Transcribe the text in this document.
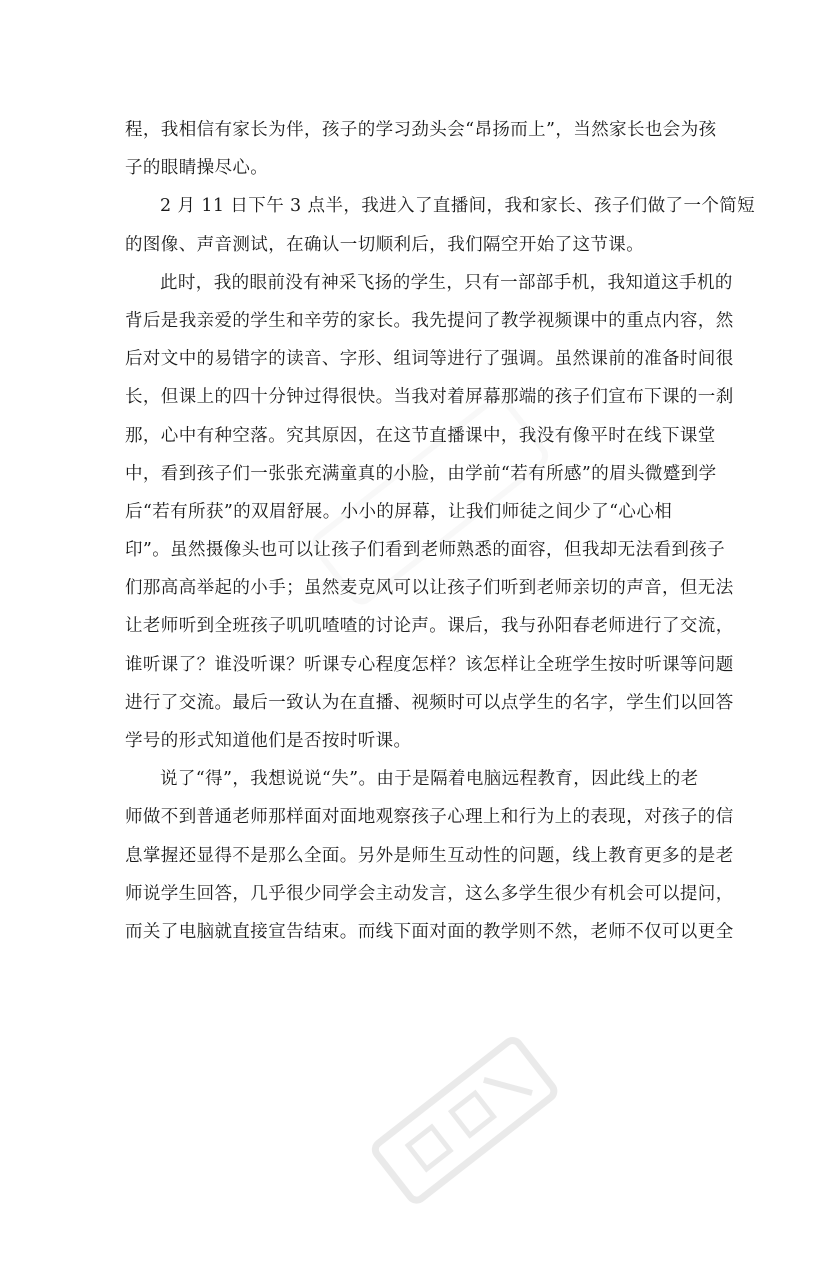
程，我相信有家长为伴，孩子的学习劲头会“昂扬而上”，当然家长也会为孩
子的眼睛操尽心。
2 月 11 日下午 3 点半，我进入了直播间，我和家长、孩子们做了一个简短
的图像、声音测试，在确认一切顺利后，我们隔空开始了这节课。
此时，我的眼前没有神采飞扬的学生，只有一部部手机，我知道这手机的
背后是我亲爱的学生和辛劳的家长。我先提问了教学视频课中的重点内容，然
后对文中的易错字的读音、字形、组词等进行了强调。虽然课前的准备时间很
长，但课上的四十分钟过得很快。当我对着屏幕那端的孩子们宣布下课的一刹
那，心中有种空落。究其原因，在这节直播课中，我没有像平时在线下课堂
中，看到孩子们一张张充满童真的小脸，由学前“若有所感”的眉头微蹙到学
后“若有所获”的双眉舒展。小小的屏幕，让我们师徒之间少了“心心相
印”。虽然摄像头也可以让孩子们看到老师熟悉的面容，但我却无法看到孩子
们那高高举起的小手；虽然麦克风可以让孩子们听到老师亲切的声音，但无法
让老师听到全班孩子叽叽喳喳的讨论声。课后，我与孙阳春老师进行了交流，
谁听课了？谁没听课？听课专心程度怎样？该怎样让全班学生按时听课等问题
进行了交流。最后一致认为在直播、视频时可以点学生的名字，学生们以回答
学号的形式知道他们是否按时听课。
说了“得”，我想说说“失”。由于是隔着电脑远程教育，因此线上的老
师做不到普通老师那样面对面地观察孩子心理上和行为上的表现，对孩子的信
息掌握还显得不是那么全面。另外是师生互动性的问题，线上教育更多的是老
师说学生回答，几乎很少同学会主动发言，这么多学生很少有机会可以提问，
而关了电脑就直接宣告结束。而线下面对面的教学则不然，老师不仅可以更全
